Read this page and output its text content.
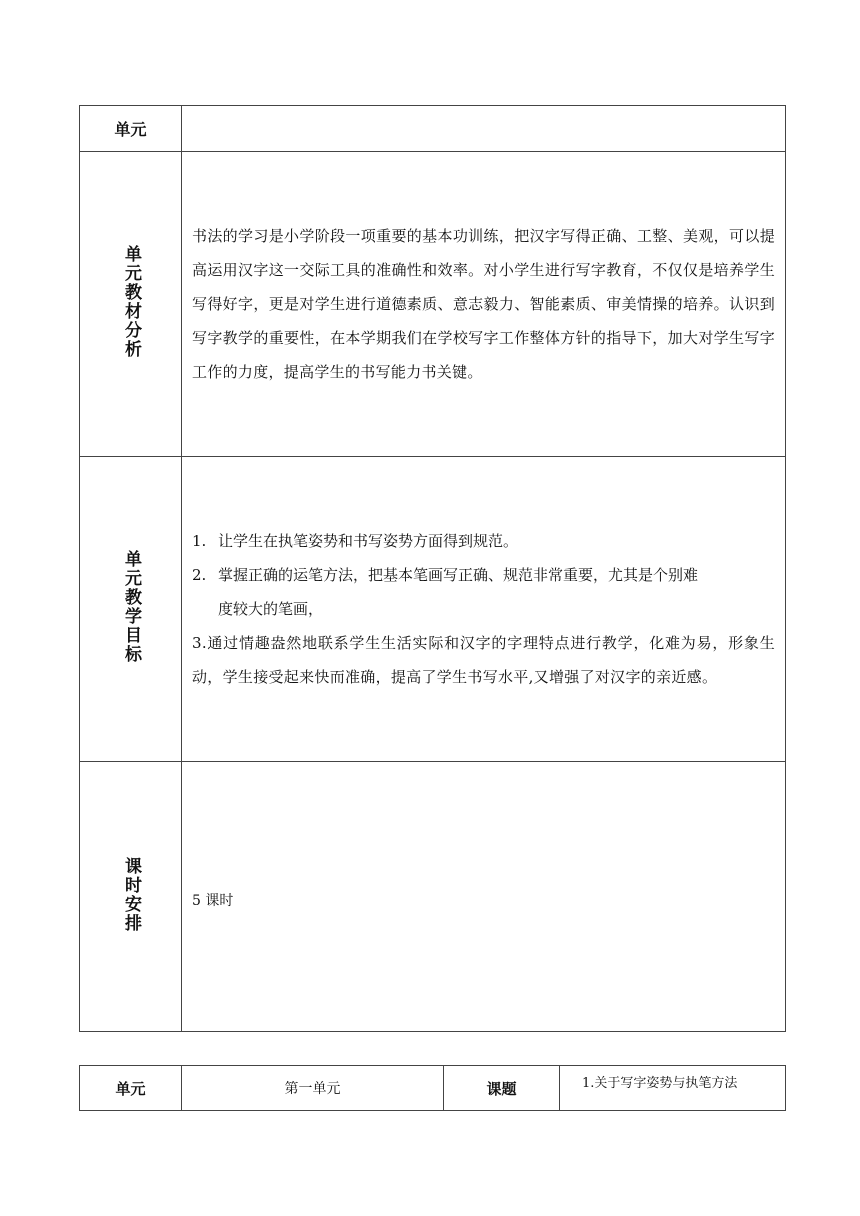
单元	
单元教材分析	书法的学习是小学阶段一项重要的基本功训练，把汉字写得正确、工整、美观，可以提高运用汉字这一交际工具的准确性和效率。对小学生进行写字教育，不仅仅是培养学生写得好字，更是对学生进行道德素质、意志毅力、智能素质、审美情操的培养。认识到写字教学的重要性，在本学期我们在学校写字工作整体方针的指导下，加大对学生写字工作的力度，提高学生的书写能力书关键。

单元教学目标	1. 让学生在执笔姿势和书写姿势方面得到规范。

2. 掌握正确的运笔方法，把基本笔画写正确、规范非常重要，尤其是个别难

度较大的笔画，

3.通过情趣盎然地联系学生生活实际和汉字的字理特点进行教学，化难为易，形象生动，学生接受起来快而准确，提高了学生书写水平,又增强了对汉字的亲近感。

课时安排	5 课时
单元	第一单元	课题	1.关于写字姿势与执笔方法
